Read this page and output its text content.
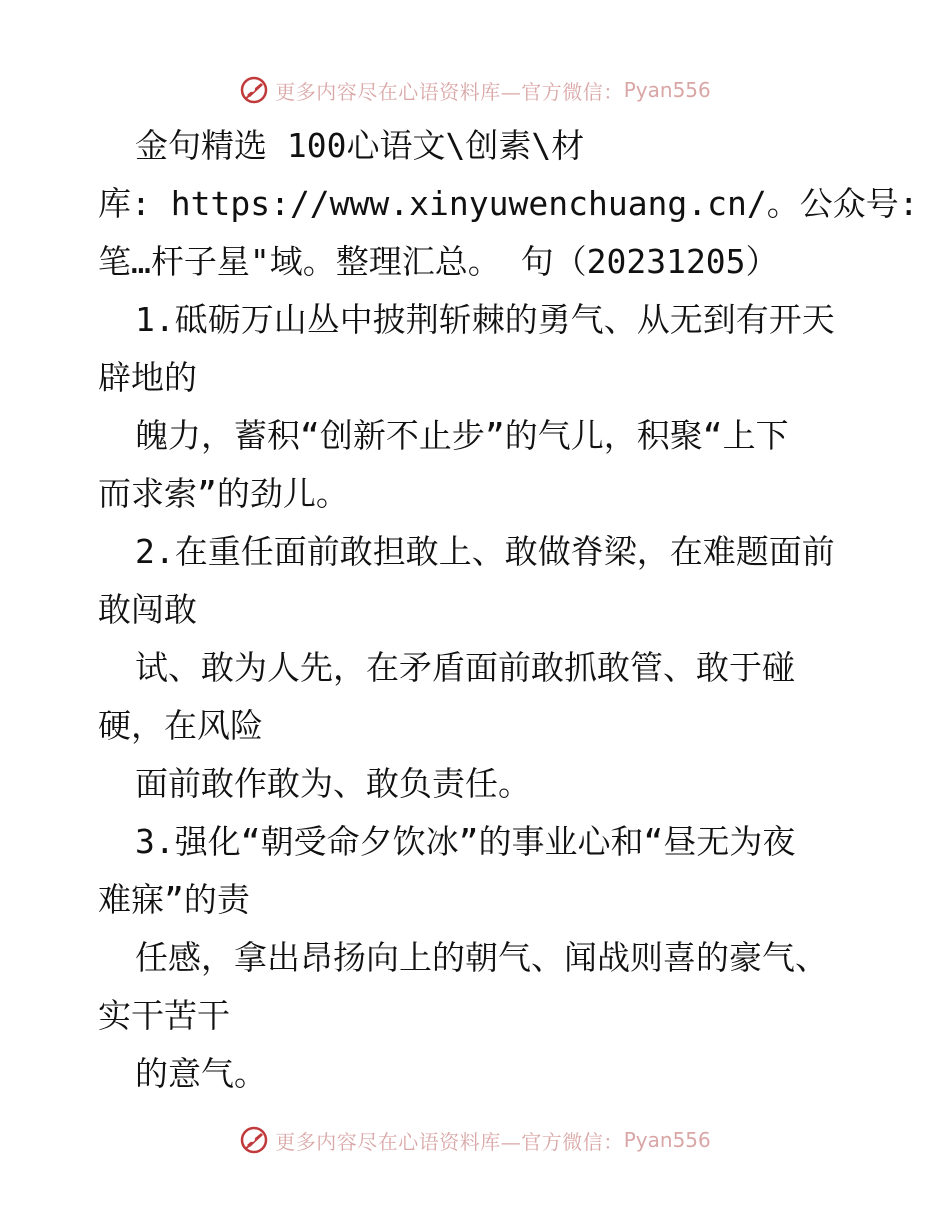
更多内容尽在心语资料库—官方微信： Pyan556
金句精选 100心语文\创素\材
库: https://www.xinyuwenchuang.cn/。公众号:
笔…杆子星"域。整理汇总。 句（20231205）
1.砥砺万山丛中披荆斩棘的勇气、从无到有开天
辟地的
魄力，蓄积“创新不止步”的气儿，积聚“上下
而求索”的劲儿。
2.在重任面前敢担敢上、敢做脊梁，在难题面前
敢闯敢
试、敢为人先，在矛盾面前敢抓敢管、敢于碰
硬，在风险
面前敢作敢为、敢负责任。
3.强化“朝受命夕饮冰”的事业心和“昼无为夜
难寐”的责
任感，拿出昂扬向上的朝气、闻战则喜的豪气、
实干苦干
的意气。
更多内容尽在心语资料库—官方微信： Pyan556
